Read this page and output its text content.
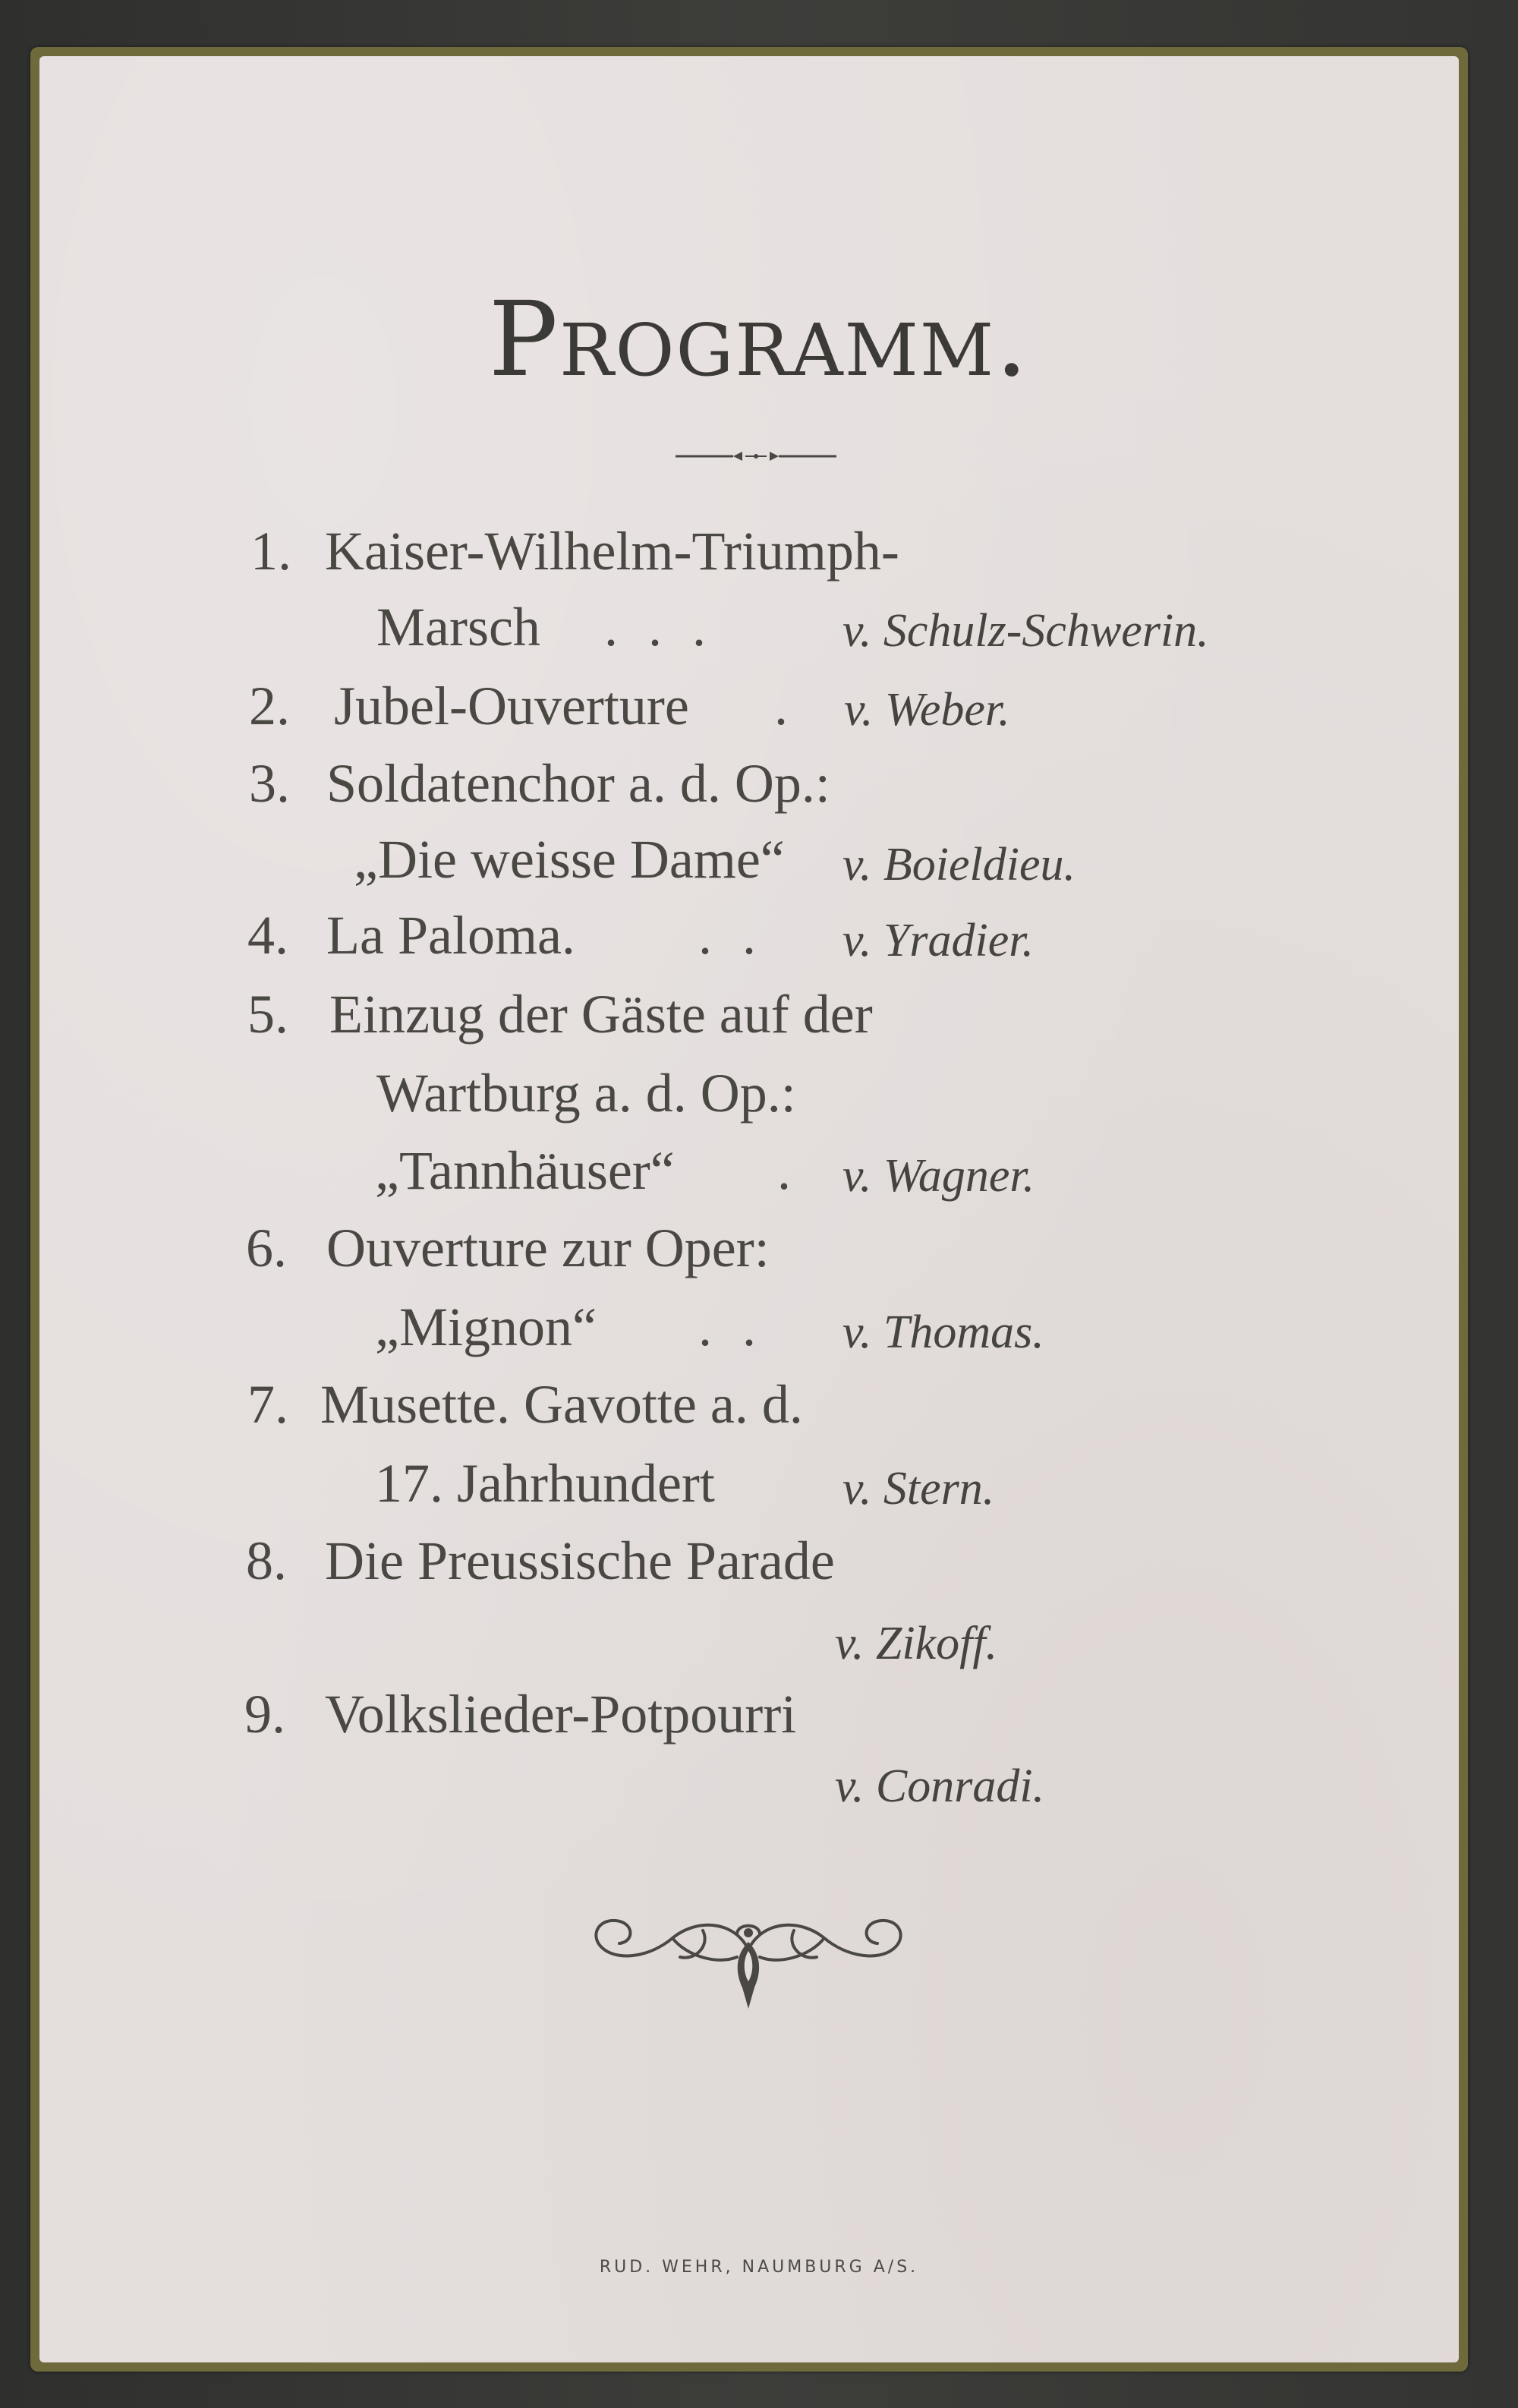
Programm.
1. Kaiser-Wilhelm-Triumph-
Marsch ... v. Schulz-Schwerin.
2. Jubel-Ouverture . v. Weber.
3. Soldatenchor a. d. Op.:
„Die weisse Dame“ v. Boieldieu.
4. La Paloma. .. v. Yradier.
5. Einzug der Gäste auf der
Wartburg a. d. Op.:
„Tannhäuser“ . v. Wagner.
6. Ouverture zur Oper:
„Mignon“ .. v. Thomas.
7. Musette. Gavotte a. d.
17. Jahrhundert	v. Stern.
8. Die Preussische Parade
v. Zikoff.
9. Volkslieder-Potpourri
v. Conradi.
RUD. WEHR, NAUMBURG A/S.
